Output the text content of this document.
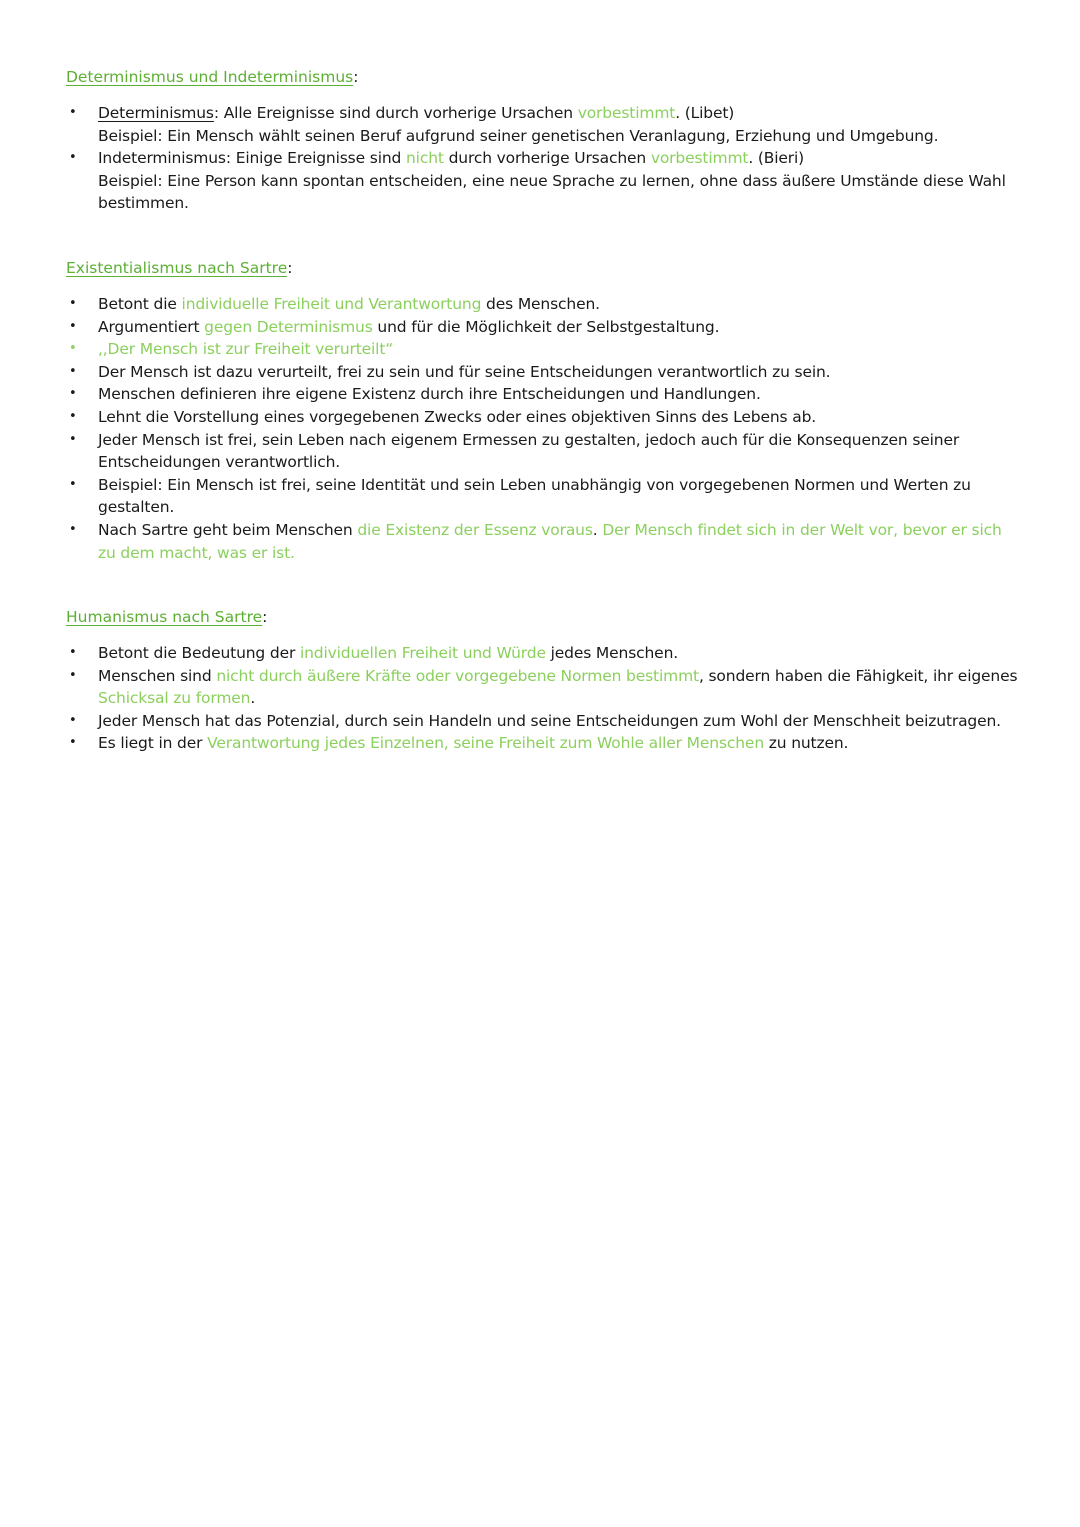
Determinismus und Indeterminismus:
• Determinismus: Alle Ereignisse sind durch vorherige Ursachen vorbestimmt. (Libet)
Beispiel: Ein Mensch wählt seinen Beruf aufgrund seiner genetischen Veranlagung, Erziehung und Umgebung.
• Indeterminismus: Einige Ereignisse sind nicht durch vorherige Ursachen vorbestimmt. (Bieri)
Beispiel: Eine Person kann spontan entscheiden, eine neue Sprache zu lernen, ohne dass äußere Umstände diese Wahl bestimmen.
Existentialismus nach Sartre:
• Betont die individuelle Freiheit und Verantwortung des Menschen.
• Argumentiert gegen Determinismus und für die Möglichkeit der Selbstgestaltung.
• ,,Der Mensch ist zur Freiheit verurteilt“
• Der Mensch ist dazu verurteilt, frei zu sein und für seine Entscheidungen verantwortlich zu sein.
• Menschen definieren ihre eigene Existenz durch ihre Entscheidungen und Handlungen.
• Lehnt die Vorstellung eines vorgegebenen Zwecks oder eines objektiven Sinns des Lebens ab.
• Jeder Mensch ist frei, sein Leben nach eigenem Ermessen zu gestalten, jedoch auch für die Konsequenzen seiner Entscheidungen verantwortlich.
• Beispiel: Ein Mensch ist frei, seine Identität und sein Leben unabhängig von vorgegebenen Normen und Werten zu gestalten.
• Nach Sartre geht beim Menschen die Existenz der Essenz voraus. Der Mensch findet sich in der Welt vor, bevor er sich zu dem macht, was er ist.
Humanismus nach Sartre:
• Betont die Bedeutung der individuellen Freiheit und Würde jedes Menschen.
• Menschen sind nicht durch äußere Kräfte oder vorgegebene Normen bestimmt, sondern haben die Fähigkeit, ihr eigenes Schicksal zu formen.
• Jeder Mensch hat das Potenzial, durch sein Handeln und seine Entscheidungen zum Wohl der Menschheit beizutragen.
• Es liegt in der Verantwortung jedes Einzelnen, seine Freiheit zum Wohle aller Menschen zu nutzen.
